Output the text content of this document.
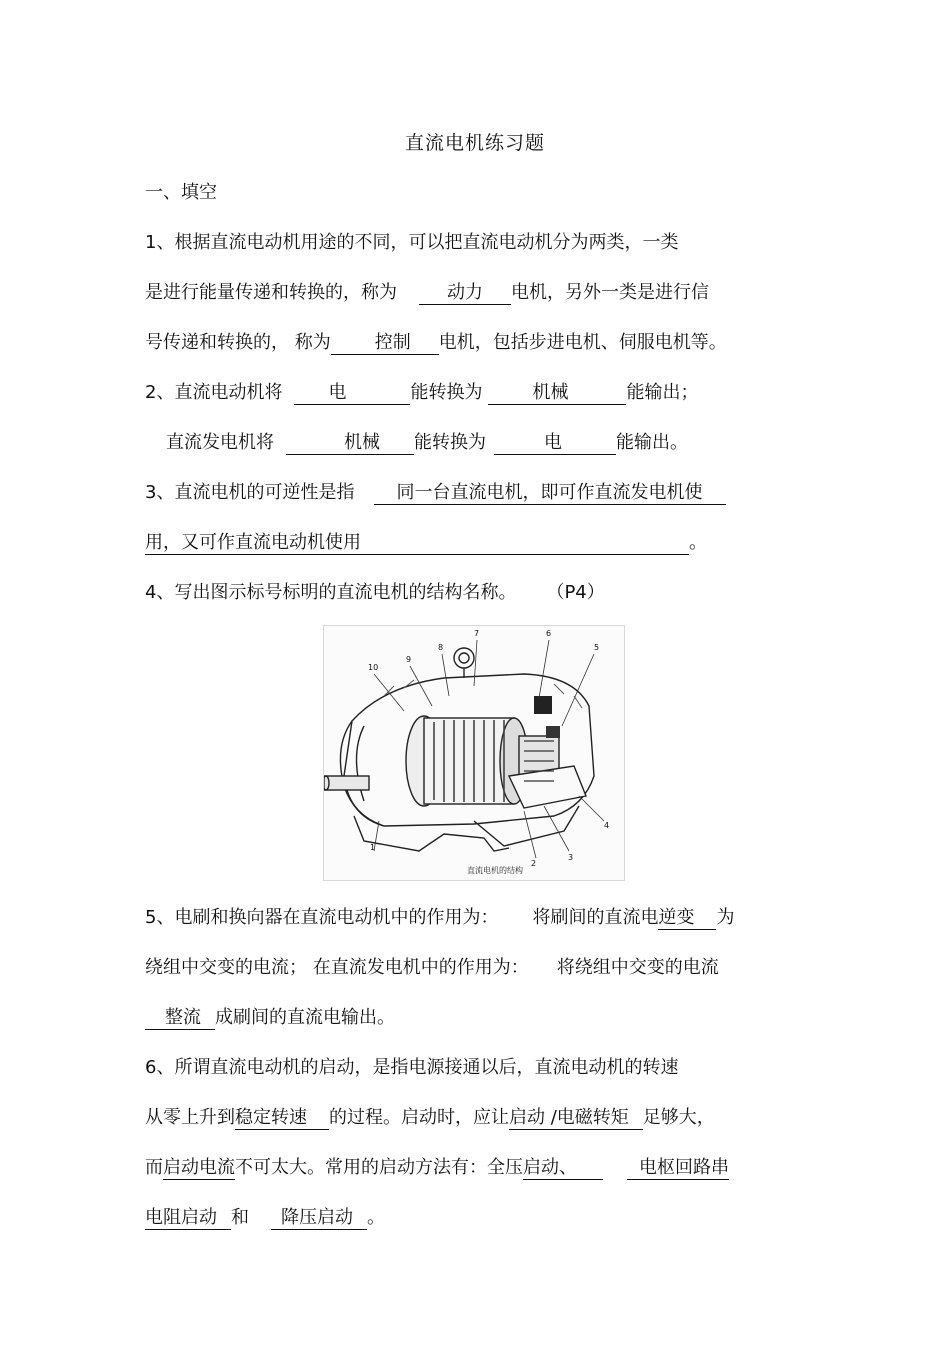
直流电机练习题
一、填空
1、根据直流电动机用途的不同，可以把直流电动机分为两类，一类
是进行能量传递和转换的，称为	动力 电机，另外一类是进行信
号传递和转换的， 称为 控制 电机，包括步进电机、伺服电机等。
2、直流电动机将	电	能转换为	机械	能输出；
直流发电机将	机械 能转换为	电	能输出。
3、直流电机的可逆性是指 同一台直流电机，即可作直流发电机使
用，又可作直流电动机使用	。
4、写出图示标号标明的直流电机的结构名称。 （P4）
1
2
3
4
5
6
7
8
9
10
直流电机的结构
5、电刷和换向器在直流电动机中的作用为： 将刷间的直流电逆变 为
绕组中交变的电流； 在直流发电机中的作用为： 将绕组中交变的电流
整流 成刷间的直流电输出。
6、所谓直流电动机的启动，是指电源接通以后，直流电动机的转速
从零上升到稳定转速 的过程。启动时，应让启动 /电磁转矩 足够大，
而启动电流不可太大。常用的启动方法有：全压启动、	电枢回路串
电阻启动 和 降压启动 。
